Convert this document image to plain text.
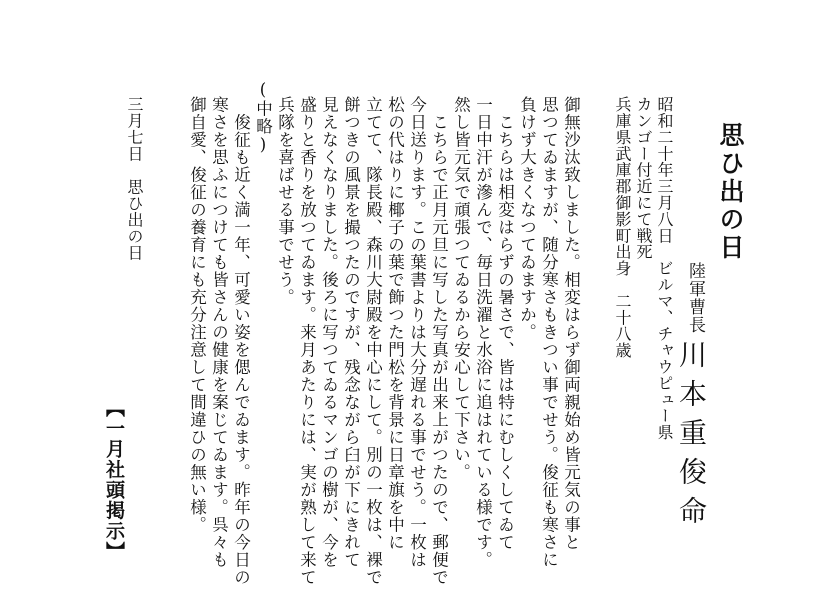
思ひ出の日
陸軍曹長
川本重俊命
昭和二十年三月八日　ビルマ、チャウピュー県
カンゴー付近にて戦死
兵庫県武庫郡御影町出身　二十八歳
御無沙汰致しました。相変はらず御両親始め皆元気の事と
思つてゐますが、随分寒さもきつい事でせう。俊征も寒さに
負けず大きくなつてゐますか。
　こちらは相変はらずの暑さで、皆は特にむしくしてゐて
一日中汗が滲んで、毎日洗濯と水浴に追はれている様です。
然し皆元気で頑張つてゐるから安心して下さい。
　こちらで正月元旦に写した写真が出来上がつたので、郵便で
今日送ります。この葉書よりは大分遅れる事でせう。一枚は
松の代はりに椰子の葉で飾つた門松を背景に日章旗を中に
立てて、隊長殿、森川大尉殿を中心にして。別の一枚は、裸で
餅つきの風景を撮つたのですが、残念ながら臼が下にきれて
見えなくなりました。後ろに写つてゐるマンゴの樹が、今を
盛りと香りを放つてゐます。来月あたりには、実が熟して来て
兵隊を喜ばせる事でせう。
(中略)
　俊征も近く満一年、可愛い姿を偲んでゐます。昨年の今日の
寒さを思ふにつけても皆さんの健康を案じてゐます。呉々も
御自愛、俊征の養育にも充分注意して間違ひの無い様。
三月七日　思ひ出の日
【一月社頭掲示】
